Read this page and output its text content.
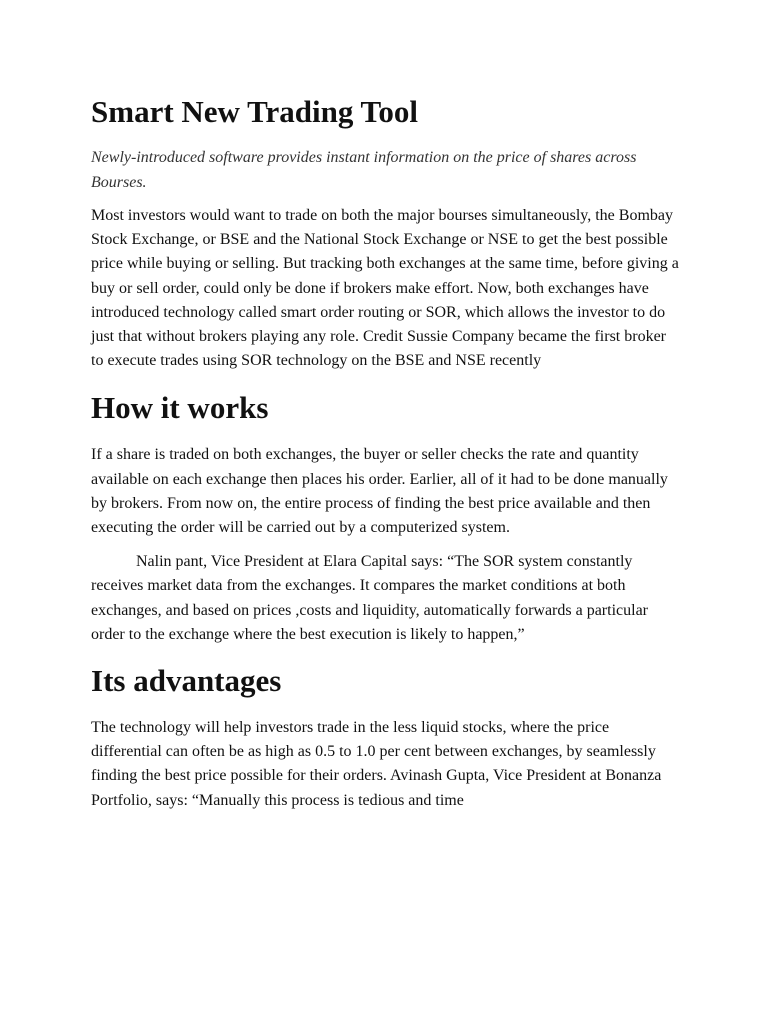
Smart New Trading Tool

Newly-introduced software provides instant information on the price of shares across Bourses.

Most investors would want to trade on both the major bourses simultaneously, the Bombay Stock Exchange, or BSE and the National Stock Exchange or NSE to get the best possible price while buying or selling. But tracking both exchanges at the same time, before giving a buy or sell order, could only be done if brokers make effort. Now, both exchanges have introduced technology called smart order routing or SOR, which allows the investor to do just that without brokers playing any role. Credit Sussie Company became the first broker to execute trades using SOR technology on the BSE and NSE recently

How it works

If a share is traded on both exchanges, the buyer or seller checks the rate and quantity available on each exchange then places his order. Earlier, all of it had to be done manually by brokers. From now on, the entire process of finding the best price available and then executing the order will be carried out by a computerized system.

Nalin pant, Vice President at Elara Capital says: “The SOR system constantly receives market data from the exchanges. It compares the market conditions at both exchanges, and based on prices ,costs and liquidity, automatically forwards a particular order to the exchange where the best execution is likely to happen,”

Its advantages

The technology will help investors trade in the less liquid stocks, where the price differential can often be as high as 0.5 to 1.0 per cent between exchanges, by seamlessly finding the best price possible for their orders. Avinash Gupta, Vice President at Bonanza Portfolio, says: “Manually this process is tedious and time
